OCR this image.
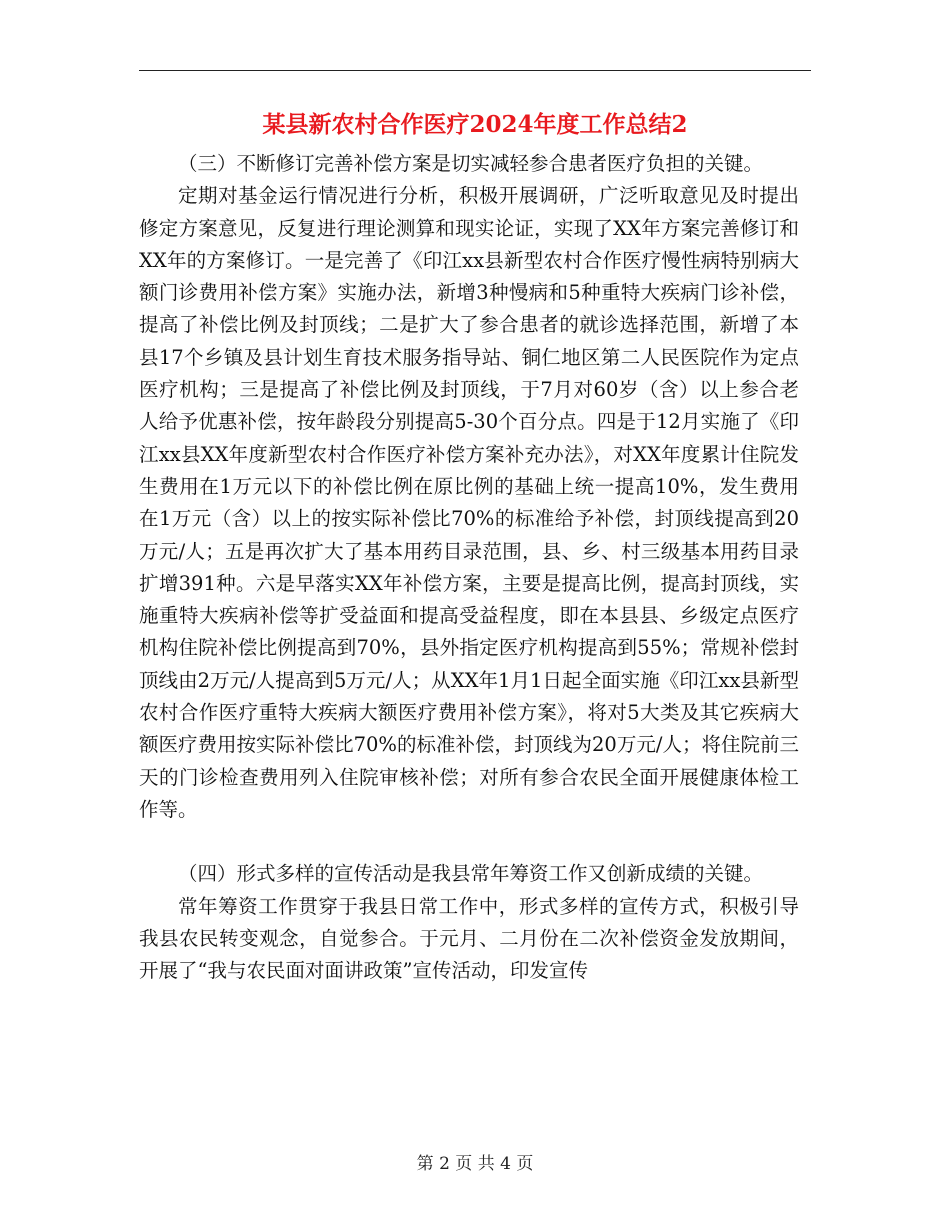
某县新农村合作医疗2024年度工作总结2

（三）不断修订完善补偿方案是切实减轻参合患者医疗负担的关键。

定期对基金运行情况进行分析，积极开展调研，广泛听取意见及时提出修定方案意见，反复进行理论测算和现实论证，实现了XX年方案完善修订和XX年的方案修订。一是完善了《印江xx县新型农村合作医疗慢性病特别病大额门诊费用补偿方案》实施办法，新增3种慢病和5种重特大疾病门诊补偿，提高了补偿比例及封顶线；二是扩大了参合患者的就诊选择范围，新增了本县17个乡镇及县计划生育技术服务指导站、铜仁地区第二人民医院作为定点医疗机构；三是提高了补偿比例及封顶线，于7月对60岁（含）以上参合老人给予优惠补偿，按年龄段分别提高5-30个百分点。四是于12月实施了《印江xx县XX年度新型农村合作医疗补偿方案补充办法》，对XX年度累计住院发生费用在1万元以下的补偿比例在原比例的基础上统一提高10%，发生费用在1万元（含）以上的按实际补偿比70%的标准给予补偿，封顶线提高到20万元/人；五是再次扩大了基本用药目录范围，县、乡、村三级基本用药目录扩增391种。六是早落实XX年补偿方案，主要是提高比例，提高封顶线，实施重特大疾病补偿等扩受益面和提高受益程度，即在本县县、乡级定点医疗机构住院补偿比例提高到70%，县外指定医疗机构提高到55%；常规补偿封顶线由2万元/人提高到5万元/人；从XX年1月1日起全面实施《印江xx县新型农村合作医疗重特大疾病大额医疗费用补偿方案》，将对5大类及其它疾病大额医疗费用按实际补偿比70%的标准补偿，封顶线为20万元/人；将住院前三天的门诊检查费用列入住院审核补偿；对所有参合农民全面开展健康体检工作等。

（四）形式多样的宣传活动是我县常年筹资工作又创新成绩的关键。

常年筹资工作贯穿于我县日常工作中，形式多样的宣传方式，积极引导我县农民转变观念，自觉参合。于元月、二月份在二次补偿资金发放期间，开展了“我与农民面对面讲政策”宣传活动，印发宣传

第 2 页 共 4 页
